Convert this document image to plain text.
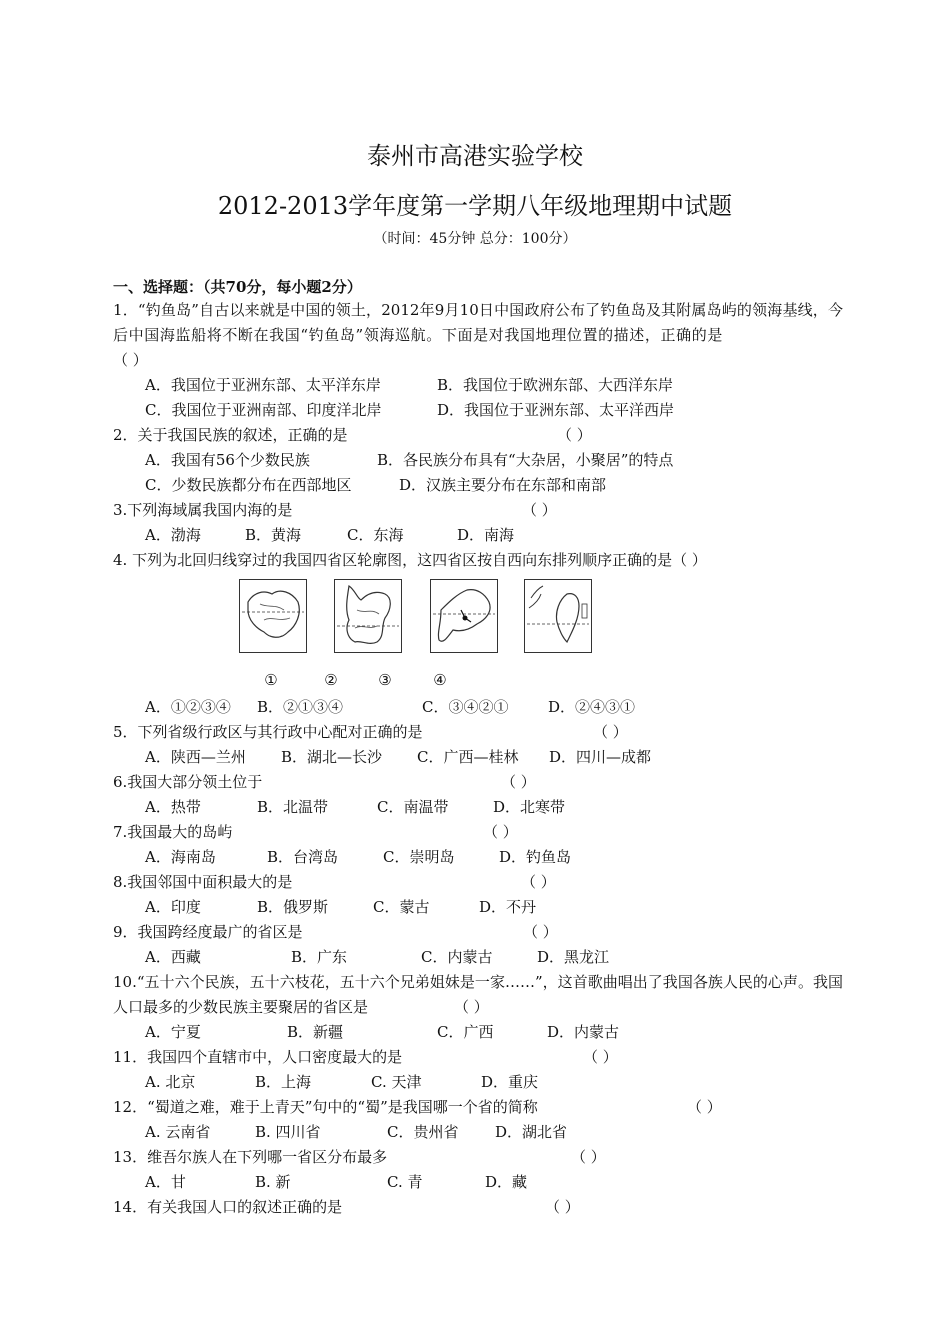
泰州市高港实验学校
2012-2013学年度第一学期八年级地理期中试题
（时间：45分钟 总分：100分）
一、选择题：（共70分，每小题2分）
1．“钓鱼岛”自古以来就是中国的领土，2012年9月10日中国政府公布了钓鱼岛及其附属岛屿的领海基线，今后中国海监船将不断在我国“钓鱼岛”领海巡航。下面是对我国地理位置的描述，正确的是（ ）
A．我国位于亚洲东部、太平洋东岸	B．我国位于欧洲东部、大西洋东岸
C．我国位于亚洲南部、印度洋北岸	D．我国位于亚洲东部、太平洋西岸
2．关于我国民族的叙述，正确的是	（ ）
A．我国有56个少数民族	B．各民族分布具有“大杂居，小聚居”的特点
C．少数民族都分布在西部地区	D．汉族主要分布在东部和南部
3.下列海域属我国内海的是	（ ）
A．渤海	B．黄海	C．东海	D．南海
4. 下列为北回归线穿过的我国四省区轮廓图，这四省区按自西向东排列顺序正确的是（ ）
①	②	③	④
A．①②③④ B．②①③④	C．③④②①	D．②④③①
5．下列省级行政区与其行政中心配对正确的是	（ ）
A．陕西—兰州 B．湖北—长沙 C．广西—桂林 D．四川—成都
6.我国大部分领土位于	（ ）
A．热带	B．北温带	C．南温带	D．北寒带
7.我国最大的岛屿	（ ）
A．海南岛	B．台湾岛	C．崇明岛	D．钓鱼岛
8.我国邻国中面积最大的是	（ ）
A．印度	B．俄罗斯	C．蒙古	D．不丹
9．我国跨经度最广的省区是	（ ）
A．西藏	B．广东	C．内蒙古	D．黑龙江
10.“五十六个民族，五十六枝花，五十六个兄弟姐妹是一家……”，这首歌曲唱出了我国各族人民的心声。我国人口最多的少数民族主要聚居的省区是	（ ）
A．宁夏	B．新疆	C．广西	D．内蒙古
11．我国四个直辖市中，人口密度最大的是	（ ）
A. 北京	B．上海	C. 天津	D．重庆
12．“蜀道之难，难于上青天”句中的“蜀”是我国哪一个省的简称	（ ）
A. 云南省	B. 四川省	C．贵州省 D．湖北省
13．维吾尔族人在下列哪一省区分布最多	（ ）
A．甘	B. 新	C. 青	D．藏
14．有关我国人口的叙述正确的是	（ ）
